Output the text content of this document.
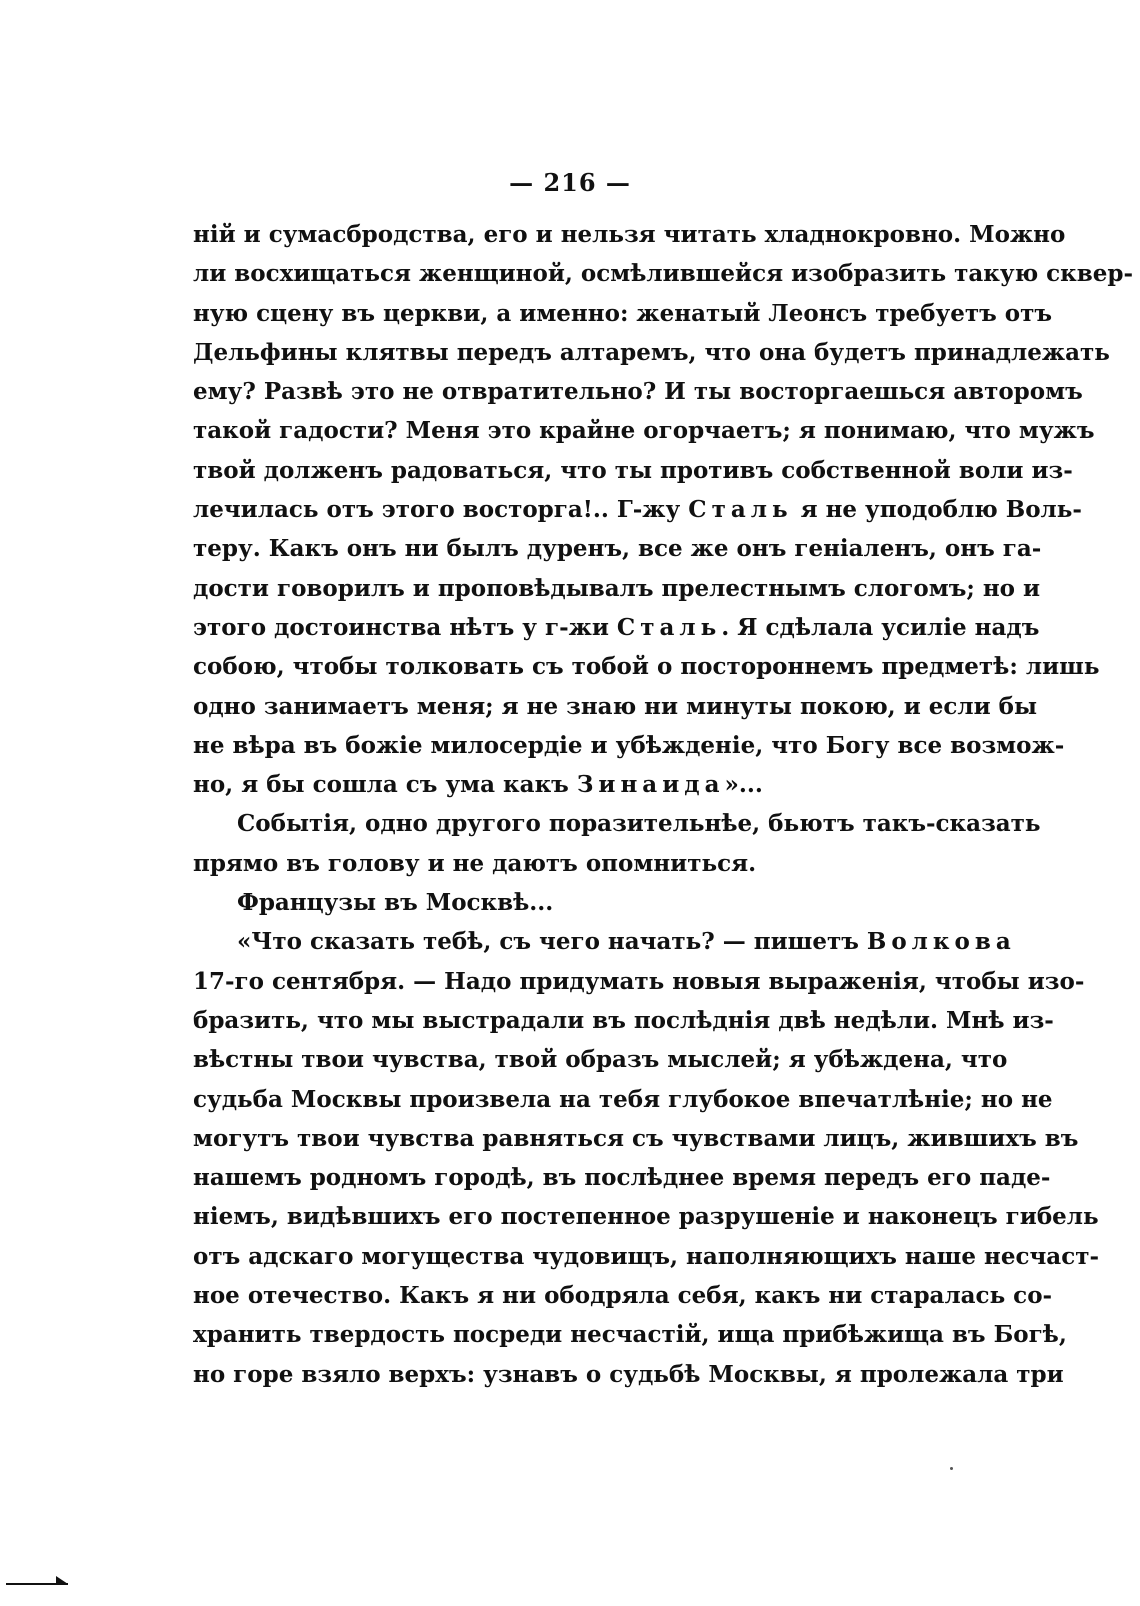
— 216 —
ній и сумасбродства, его и нельзя читать хладнокровно. Можно
ли восхищаться женщиной, осмѣлившейся изобразить такую сквер-
ную сцену въ церкви, а именно: женатый Леонсъ требуетъ отъ
Дельфины клятвы передъ алтаремъ, что она будетъ принадлежать
ему? Развѣ это не отвратительно? И ты восторгаешься авторомъ
такой гадости? Меня это крайне огорчаетъ; я понимаю, что мужъ
твой долженъ радоваться, что ты противъ собственной воли из-
лечилась отъ этого восторга!.. Г-жу Сталь я не уподоблю Воль-
теру. Какъ онъ ни былъ дуренъ, все же онъ геніаленъ, онъ га-
дости говорилъ и проповѣдывалъ прелестнымъ слогомъ; но и
этого достоинства нѣтъ у г-жи Сталь. Я сдѣлала усиліе надъ
собою, чтобы толковать съ тобой о постороннемъ предметѣ: лишь
одно занимаетъ меня; я не знаю ни минуты покою, и если бы
не вѣра въ божіе милосердіе и убѣжденіе, что Богу все возмож-
но, я бы сошла съ ума какъ Зинаида»...
Событія, одно другого поразительнѣе, бьютъ такъ-сказать
прямо въ голову и не даютъ опомниться.
Французы въ Москвѣ...
«Что сказать тебѣ, съ чего начать? — пишетъ Волкова
17-го сентября. — Надо придумать новыя выраженія, чтобы изо-
бразить, что мы выстрадали въ послѣднія двѣ недѣли. Мнѣ из-
вѣстны твои чувства, твой образъ мыслей; я убѣждена, что
судьба Москвы произвела на тебя глубокое впечатлѣніе; но не
могутъ твои чувства равняться съ чувствами лицъ, жившихъ въ
нашемъ родномъ городѣ, въ послѣднее время передъ его паде-
ніемъ, видѣвшихъ его постепенное разрушеніе и наконецъ гибель
отъ адскаго могущества чудовищъ, наполняющихъ наше несчаст-
ное отечество. Какъ я ни ободряла себя, какъ ни старалась со-
хранить твердость посреди несчастій, ища прибѣжища въ Богѣ,
но горе взяло верхъ: узнавъ о судьбѣ Москвы, я пролежала три
